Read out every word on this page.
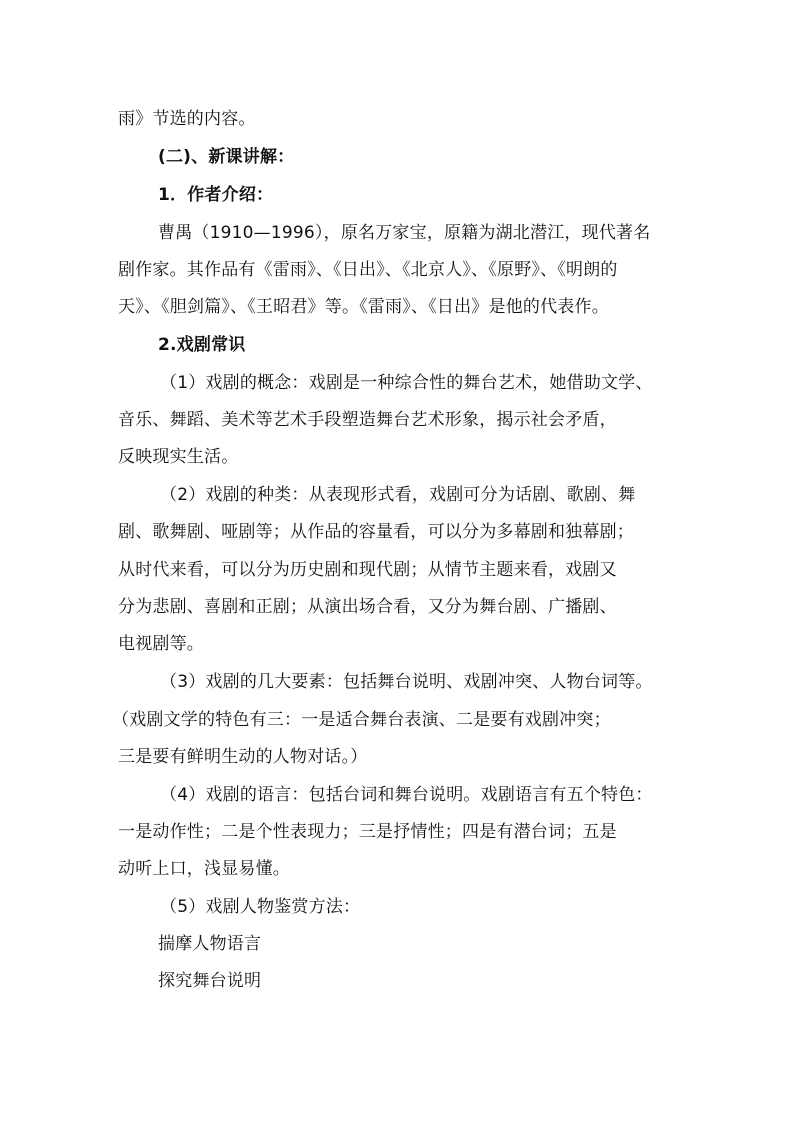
雨》节选的内容。
(二)、新课讲解：
1．作者介绍：
曹禺（1910—1996），原名万家宝，原籍为湖北潜江，现代著名
剧作家。其作品有《雷雨》、《日出》、《北京人》、《原野》、《明朗的
天》、《胆剑篇》、《王昭君》等。《雷雨》、《日出》是他的代表作。
2.戏剧常识
（1）戏剧的概念：戏剧是一种综合性的舞台艺术，她借助文学、
音乐、舞蹈、美术等艺术手段塑造舞台艺术形象，揭示社会矛盾，
反映现实生活。
（2）戏剧的种类：从表现形式看，戏剧可分为话剧、歌剧、舞
剧、歌舞剧、哑剧等；从作品的容量看，可以分为多幕剧和独幕剧；
从时代来看，可以分为历史剧和现代剧；从情节主题来看，戏剧又
分为悲剧、喜剧和正剧；从演出场合看，又分为舞台剧、广播剧、
电视剧等。
（3）戏剧的几大要素：包括舞台说明、戏剧冲突、人物台词等。
（戏剧文学的特色有三：一是适合舞台表演、二是要有戏剧冲突；
三是要有鲜明生动的人物对话。）
（4）戏剧的语言：包括台词和舞台说明。戏剧语言有五个特色：
一是动作性；二是个性表现力；三是抒情性；四是有潜台词；五是
动听上口，浅显易懂。
（5）戏剧人物鉴赏方法：
揣摩人物语言
探究舞台说明
